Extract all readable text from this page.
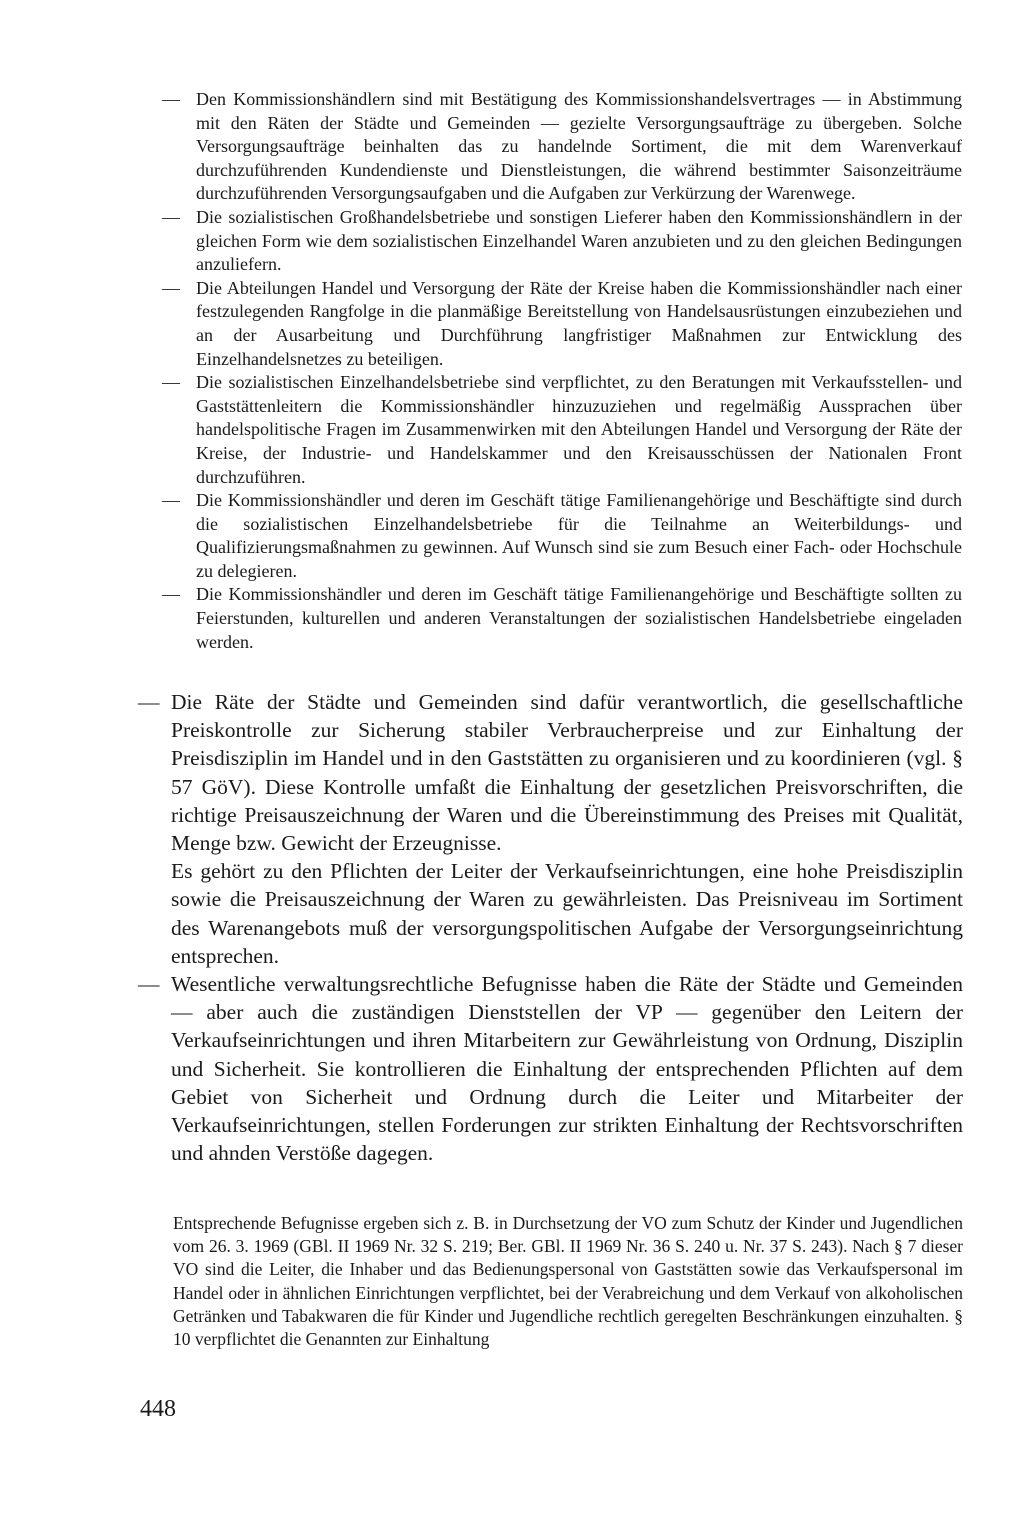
— Den Kommissionshändlern sind mit Bestätigung des Kommissionshandelsvertrages — in Abstimmung mit den Räten der Städte und Gemeinden — gezielte Versorgungsaufträge zu übergeben. Solche Versorgungsaufträge beinhalten das zu handelnde Sortiment, die mit dem Warenverkauf durchzuführenden Kundendienste und Dienstleistungen, die während bestimmter Saisonzeiträume durchzuführenden Versorgungsaufgaben und die Aufgaben zur Verkürzung der Warenwege.
— Die sozialistischen Großhandelsbetriebe und sonstigen Lieferer haben den Kommissionshändlern in der gleichen Form wie dem sozialistischen Einzelhandel Waren anzubieten und zu den gleichen Bedingungen anzuliefern.
— Die Abteilungen Handel und Versorgung der Räte der Kreise haben die Kommissionshändler nach einer festzulegenden Rangfolge in die planmäßige Bereitstellung von Handelsausrüstungen einzubeziehen und an der Ausarbeitung und Durchführung langfristiger Maßnahmen zur Entwicklung des Einzelhandelsnetzes zu beteiligen.
— Die sozialistischen Einzelhandelsbetriebe sind verpflichtet, zu den Beratungen mit Verkaufsstellen- und Gaststättenleitern die Kommissionshändler hinzuzuziehen und regelmäßig Aussprachen über handelspolitische Fragen im Zusammenwirken mit den Abteilungen Handel und Versorgung der Räte der Kreise, der Industrie- und Handelskammer und den Kreisausschüssen der Nationalen Front durchzuführen.
— Die Kommissionshändler und deren im Geschäft tätige Familienangehörige und Beschäftigte sind durch die sozialistischen Einzelhandelsbetriebe für die Teilnahme an Weiterbildungs- und Qualifizierungsmaßnahmen zu gewinnen. Auf Wunsch sind sie zum Besuch einer Fach- oder Hochschule zu delegieren.
— Die Kommissionshändler und deren im Geschäft tätige Familienangehörige und Beschäftigte sollten zu Feierstunden, kulturellen und anderen Veranstaltungen der sozialistischen Handelsbetriebe eingeladen werden.
— Die Räte der Städte und Gemeinden sind dafür verantwortlich, die gesellschaftliche Preiskontrolle zur Sicherung stabiler Verbraucherpreise und zur Einhaltung der Preisdisziplin im Handel und in den Gaststätten zu organisieren und zu koordinieren (vgl. § 57 GöV). Diese Kontrolle umfaßt die Einhaltung der gesetzlichen Preisvorschriften, die richtige Preisauszeichnung der Waren und die Übereinstimmung des Preises mit Qualität, Menge bzw. Gewicht der Erzeugnisse.

Es gehört zu den Pflichten der Leiter der Verkaufseinrichtungen, eine hohe Preisdisziplin sowie die Preisauszeichnung der Waren zu gewährleisten. Das Preisniveau im Sortiment des Warenangebots muß der versorgungspolitischen Aufgabe der Versorgungseinrichtung entsprechen.

— Wesentliche verwaltungsrechtliche Befugnisse haben die Räte der Städte und Gemeinden — aber auch die zuständigen Dienststellen der VP — gegenüber den Leitern der Verkaufseinrichtungen und ihren Mitarbeitern zur Gewährleistung von Ordnung, Disziplin und Sicherheit. Sie kontrollieren die Einhaltung der entsprechenden Pflichten auf dem Gebiet von Sicherheit und Ordnung durch die Leiter und Mitarbeiter der Verkaufseinrichtungen, stellen Forderungen zur strikten Einhaltung der Rechtsvorschriften und ahnden Verstöße dagegen.

Entsprechende Befugnisse ergeben sich z. B. in Durchsetzung der VO zum Schutz der Kinder und Jugendlichen vom 26. 3. 1969 (GBl. II 1969 Nr. 32 S. 219; Ber. GBl. II 1969 Nr. 36 S. 240 u. Nr. 37 S. 243). Nach § 7 dieser VO sind die Leiter, die Inhaber und das Bedienungspersonal von Gaststätten sowie das Verkaufspersonal im Handel oder in ähnlichen Einrichtungen verpflichtet, bei der Verabreichung und dem Verkauf von alkoholischen Getränken und Tabakwaren die für Kinder und Jugendliche rechtlich geregelten Beschränkungen einzuhalten. § 10 verpflichtet die Genannten zur Einhaltung

448
